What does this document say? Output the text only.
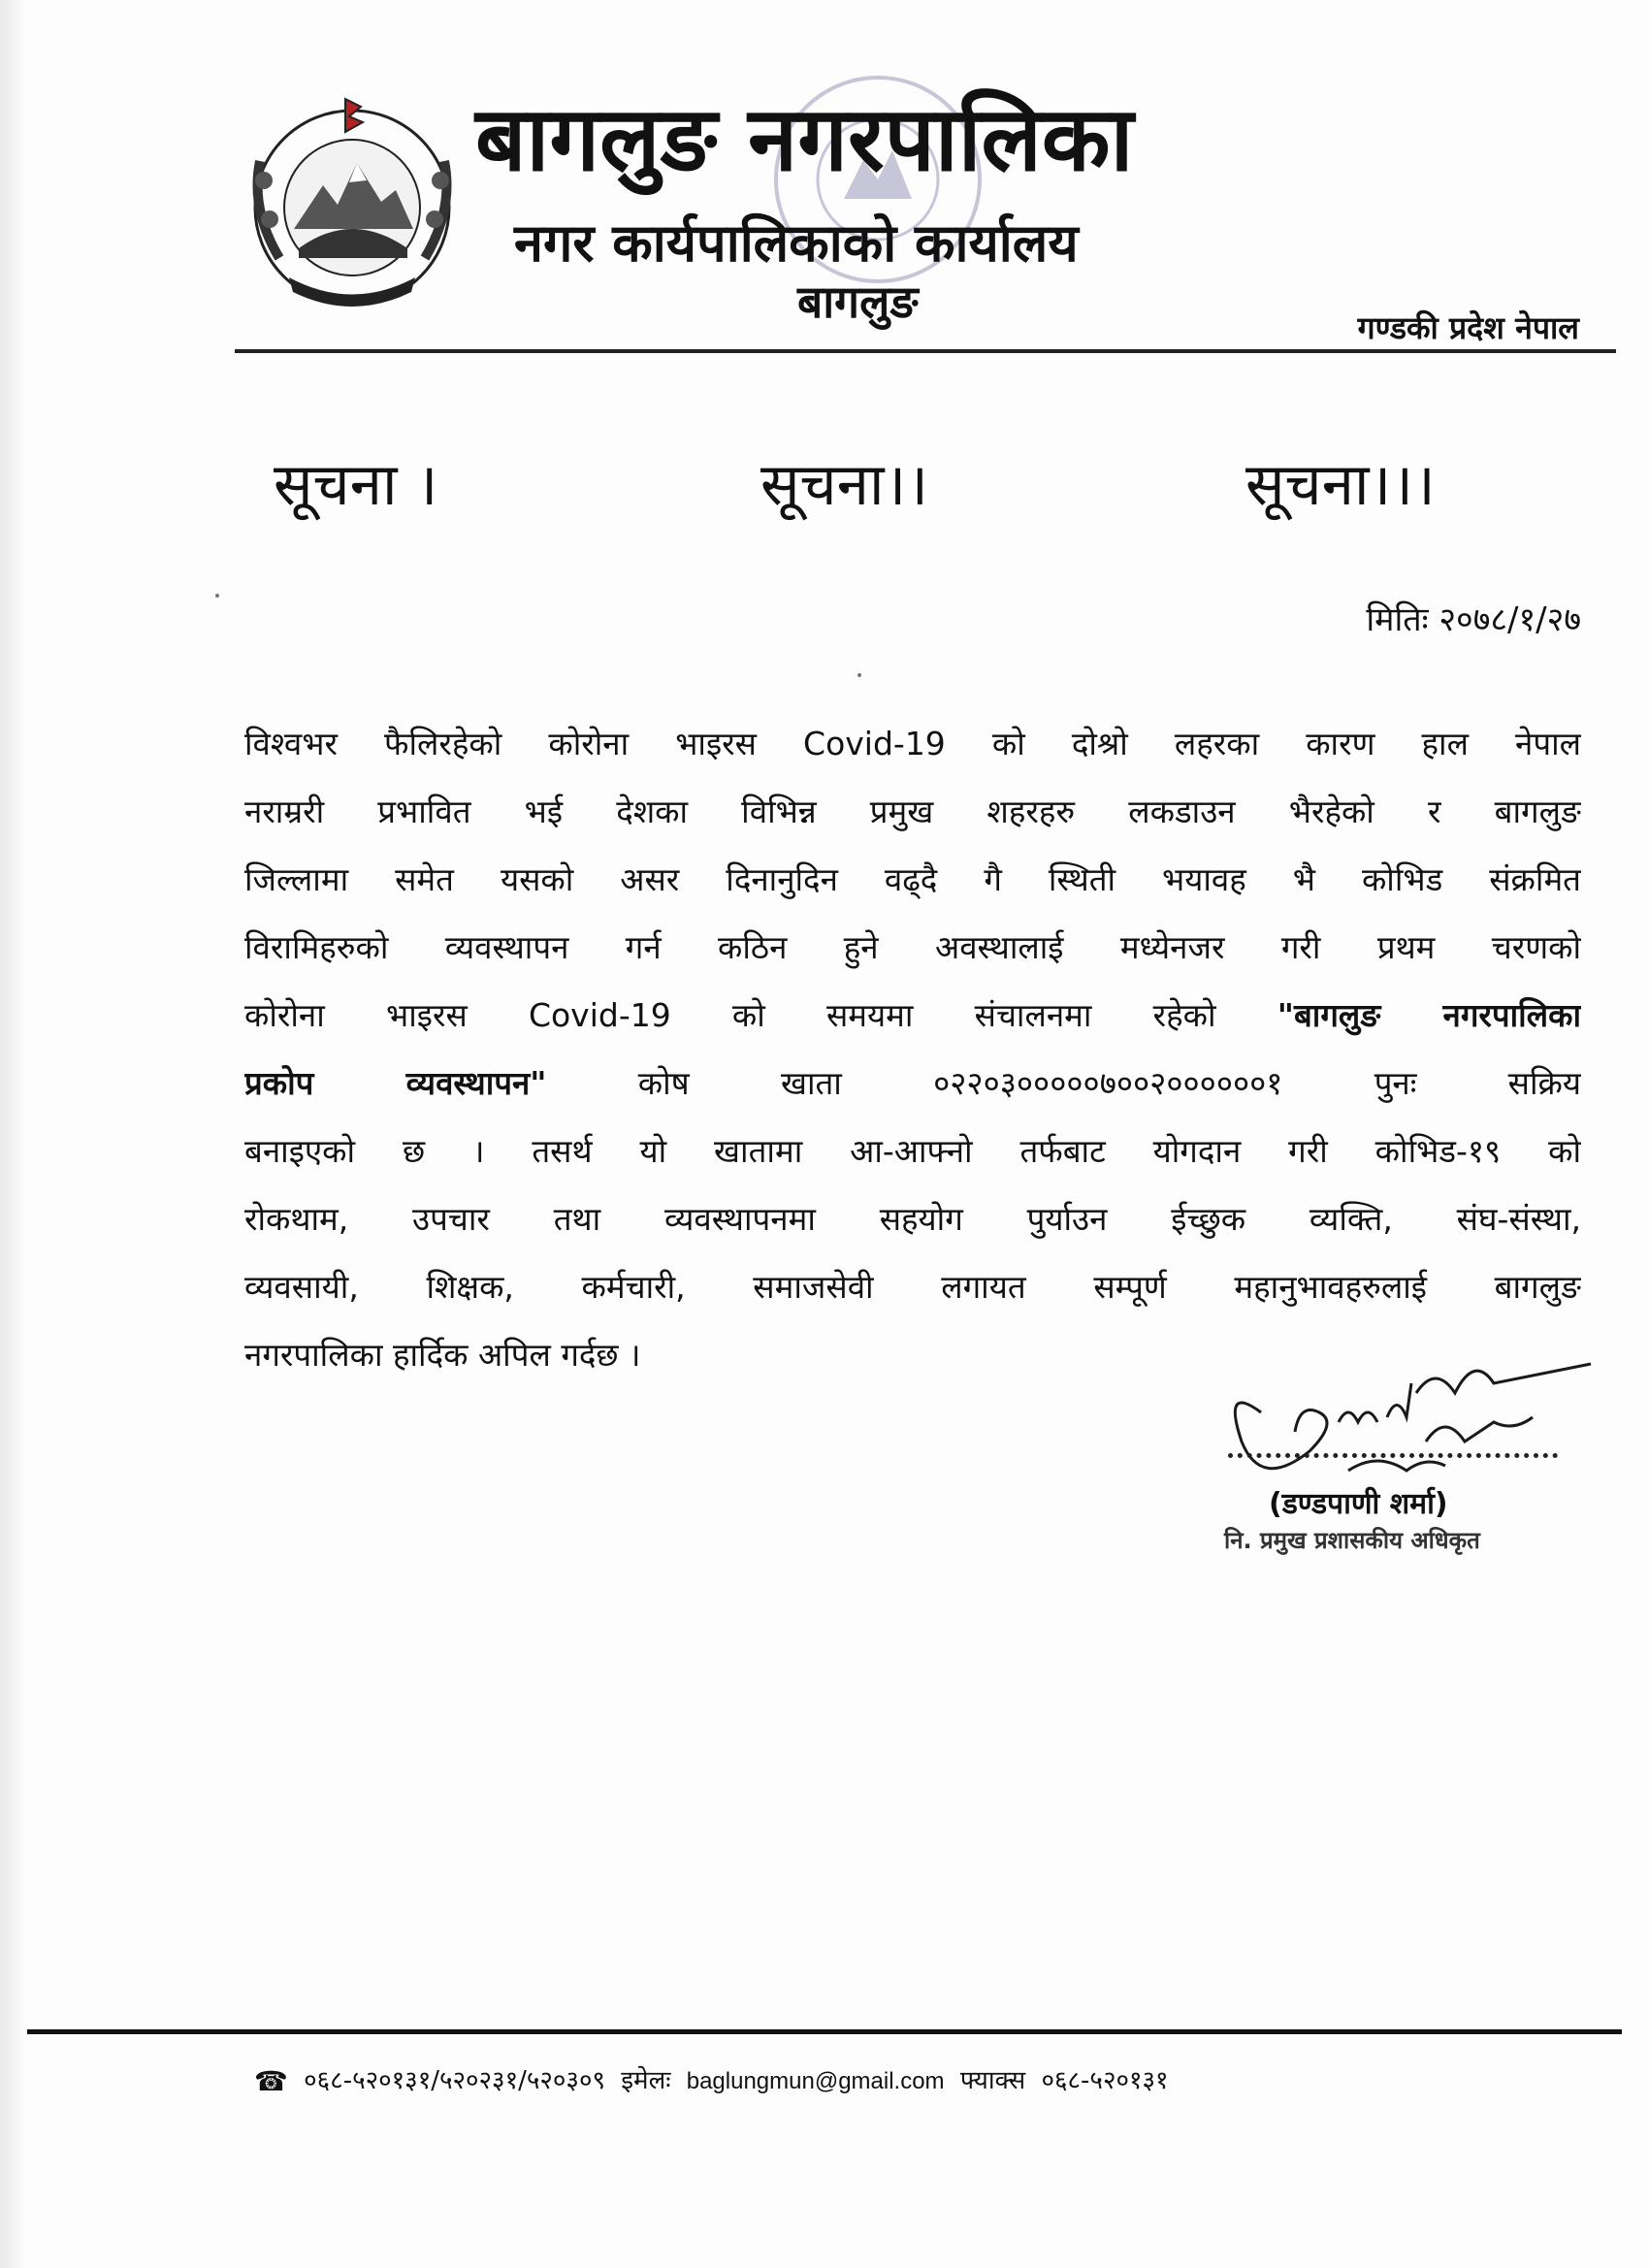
बागलुङ नगरपालिका
नगर कार्यपालिकाको कार्यालय
बागलुङ	गण्डकी प्रदेश नेपाल
सूचना ।	सूचना।।	सूचना।।।
मितिः २०७८/१/२७
विश्वभर फैलिरहेको कोरोना भाइरस Covid-19 को दोश्रो लहरका कारण हाल नेपाल
नराम्ररी प्रभावित भई देशका विभिन्न प्रमुख शहरहरु लकडाउन भैरहेको र बागलुङ
जिल्लामा समेत यसको असर दिनानुदिन वढ्दै गै स्थिती भयावह भै कोभिड संक्रमित
विरामिहरुको व्यवस्थापन गर्न कठिन हुने अवस्थालाई मध्येनजर गरी प्रथम चरणको
कोरोना भाइरस Covid-19 को समयमा संचालनमा रहेको "बागलुङ नगरपालिका
प्रकोप व्यवस्थापन"	कोष खाता ०२२०३०००००७००२००००००१ पुनः सक्रिय
बनाइएको छ । तसर्थ यो खातामा आ-आफ्नो तर्फबाट योगदान गरी कोभिड-१९ को
रोकथाम, उपचार तथा व्यवस्थापनमा सहयोग पुर्याउन ईच्छुक व्यक्ति, संघ-संस्था,
व्यवसायी, शिक्षक, कर्मचारी, समाजसेवी लगायत सम्पूर्ण महानुभावहरुलाई बागलुङ
नगरपालिका हार्दिक अपिल गर्दछ ।
(डण्डपाणी शर्मा)
नि. प्रमुख प्रशासकीय अधिकृत
☎ ०६८-५२०१३१/५२०२३१/५२०३०९ इमेलः baglungmun@gmail.com फ्याक्स ०६८-५२०१३१
